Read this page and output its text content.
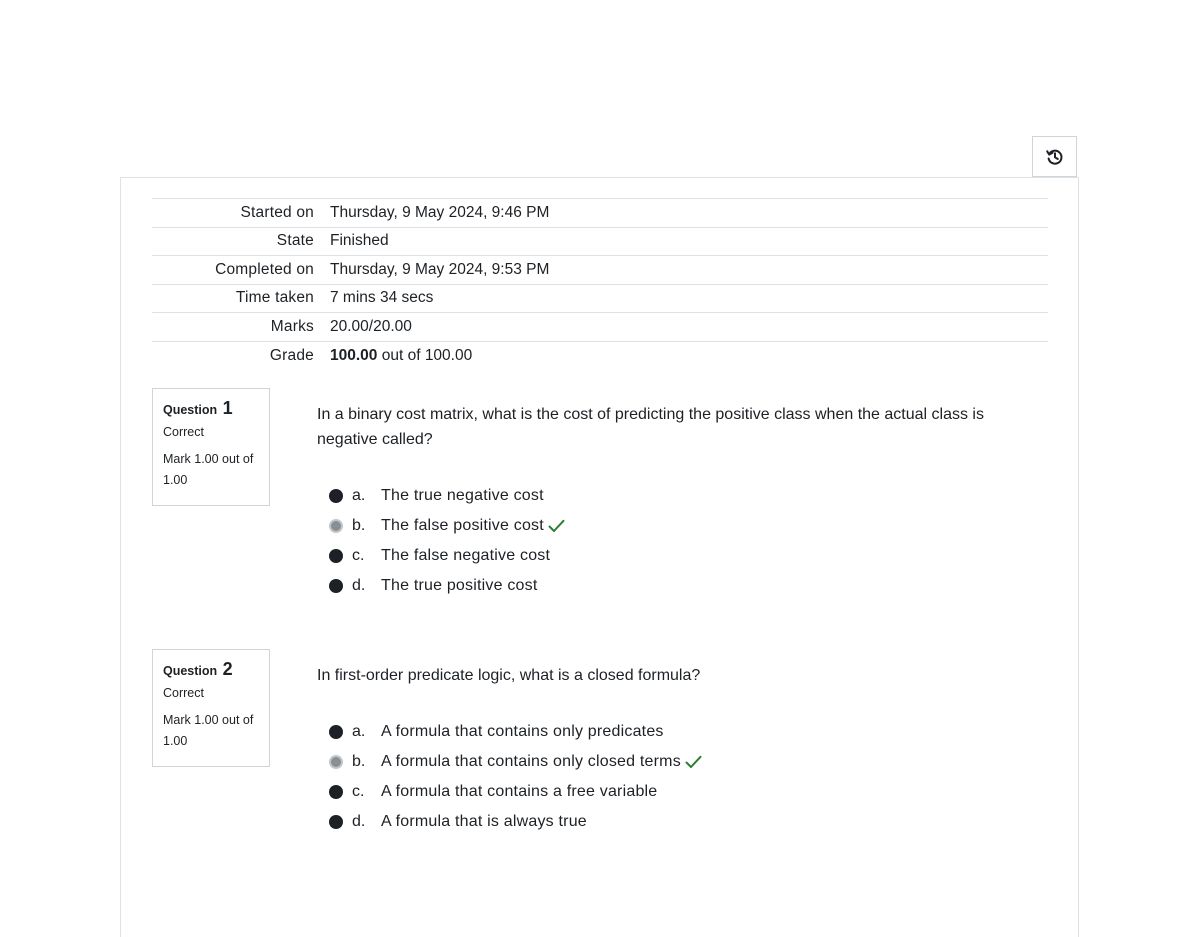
Started on	Thursday, 9 May 2024, 9:46 PM
State	Finished
Completed on	Thursday, 9 May 2024, 9:53 PM
Time taken	7 mins 34 secs
Marks	20.00/20.00
Grade	100.00 out of 100.00
Question 1
Correct
Mark 1.00 out of 1.00

In a binary cost matrix, what is the cost of predicting the positive class when the actual class is negative called?

a. The true negative cost
b. The false positive cost
c.	The false negative cost
d. The true positive cost
Question 2
Correct
Mark 1.00 out of 1.00

In first-order predicate logic, what is a closed formula?

a. A formula that contains only predicates
b. A formula that contains only closed terms
c.	A formula that contains a free variable
d. A formula that is always true
